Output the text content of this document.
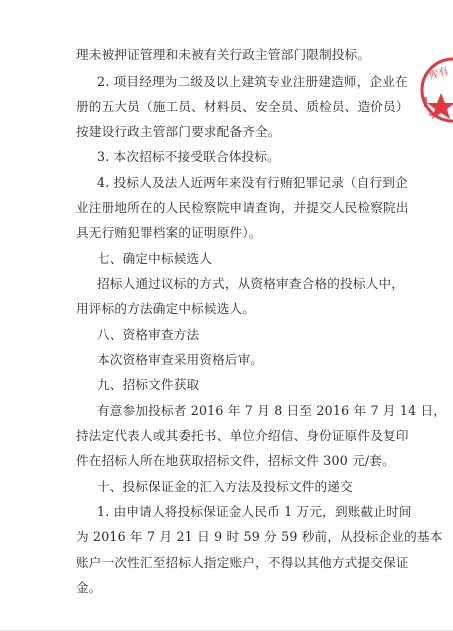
理未被押证管理和未被有关行政主管部门限制投标。
2. 项目经理为二级及以上建筑专业注册建造师，企业在
册的五大员（施工员、材料员、安全员、质检员、造价员）
按建设行政主管部门要求配备齐全。
3. 本次招标不接受联合体投标。
4. 投标人及法人近两年来没有行贿犯罪记录（自行到企
业注册地所在的人民检察院申请查询，并提交人民检察院出
具无行贿犯罪档案的证明原件）。
七、确定中标候选人
招标人通过议标的方式，从资格审查合格的投标人中，
用评标的方法确定中标候选人。
八、资格审查方法
本次资格审查采用资格后审。
九、招标文件获取
有意参加投标者 2016 年 7 月 8 日至 2016 年 7 月 14 日，
持法定代表人或其委托书、单位介绍信、身份证原件及复印
件在招标人所在地获取招标文件，招标文件 300 元/套。
十、投标保证金的汇入方法及投标文件的递交
1. 由申请人将投标保证金人民币 1 万元，到账截止时间
为 2016 年 7 月 21 日 9 时 59 分 59 秒前，从投标企业的基本
账户一次性汇至招标人指定账户，不得以其他方式提交保证
金。
库有
